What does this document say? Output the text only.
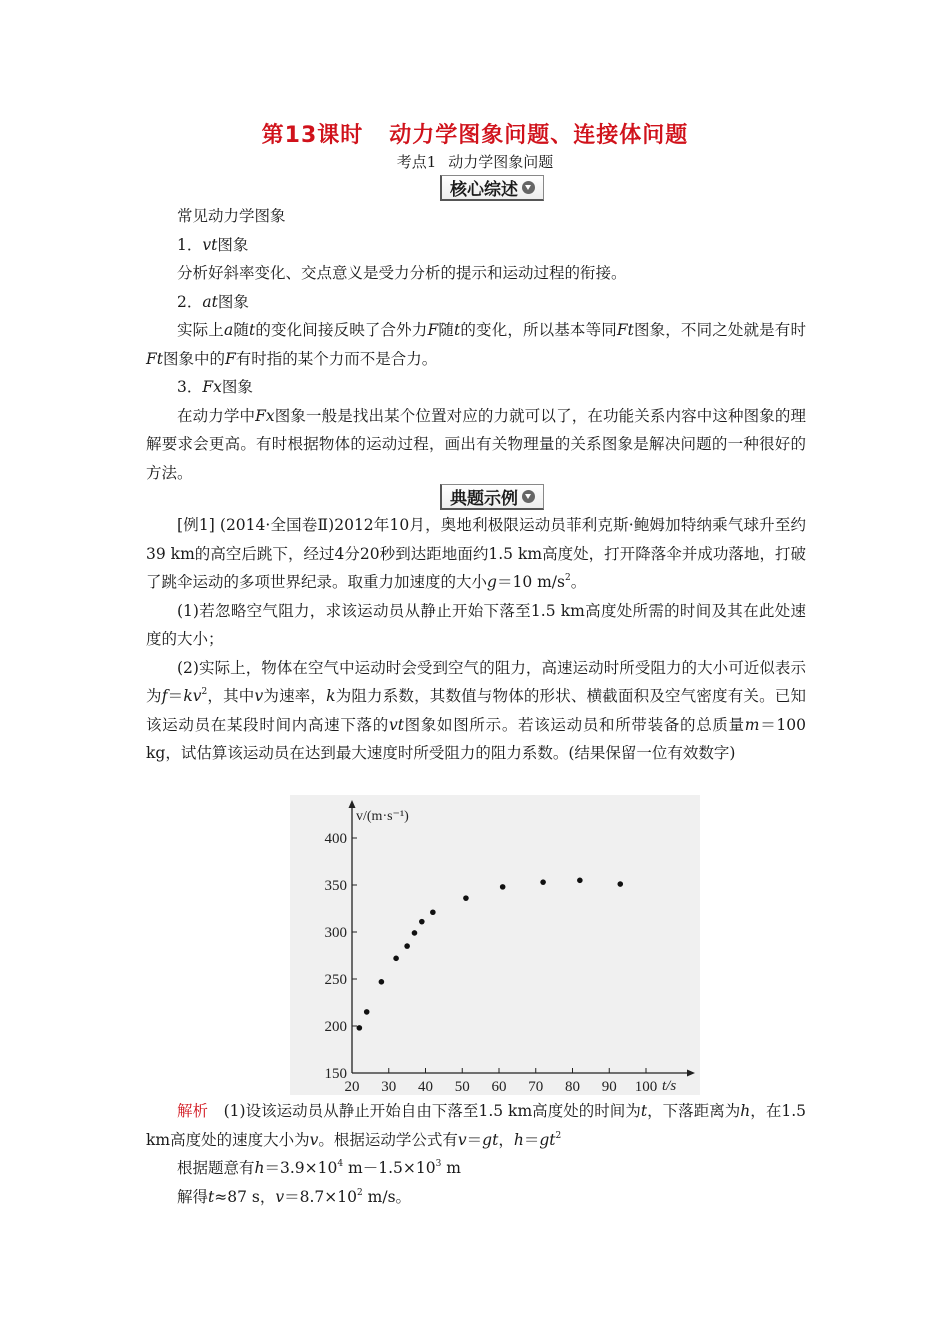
第13课时 动力学图象问题、连接体问题
考点1 动力学图象问题
核心综述
常见动力学图象
1．vt图象
分析好斜率变化、交点意义是受力分析的提示和运动过程的衔接。
2．at图象
实际上a随t的变化间接反映了合外力F随t的变化，所以基本等同Ft图象，不同之处就是有时Ft图象中的F有时指的某个力而不是合力。
3．Fx图象
在动力学中Fx图象一般是找出某个位置对应的力就可以了，在功能关系内容中这种图象的理解要求会更高。有时根据物体的运动过程，画出有关物理量的关系图象是解决问题的一种很好的方法。
典题示例
[例1] (2014·全国卷Ⅱ)2012年10月，奥地利极限运动员菲利克斯·鲍姆加特纳乘气球升至约39 km的高空后跳下，经过4分20秒到达距地面约1.5 km高度处，打开降落伞并成功落地，打破了跳伞运动的多项世界纪录。取重力加速度的大小g＝10 $m/s^2$。
(1)若忽略空气阻力，求该运动员从静止开始下落至1.5 km高度处所需的时间及其在此处速度的大小；
(2)实际上，物体在空气中运动时会受到空气的阻力，高速运动时所受阻力的大小可近似表示为$f=kv^2$，其中v为速率，k为阻力系数，其数值与物体的形状、横截面积及空气密度有关。已知该运动员在某段时间内高速下落的vt图象如图所示。若该运动员和所带装备的总质量m＝100 kg，试估算该运动员在达到最大速度时所受阻力的阻力系数。(结果保留一位有效数字)
20 30 40 50 60 70 80 90 100
150
200
250
300
350
400
t/s
v/(m·s⁻¹)
解析　(1)设该运动员从静止开始自由下落至1.5 km高度处的时间为t，下落距离为h，在1.5 km高度处的速度大小为v。根据运动学公式有v＝gt，$h=gt^2$
根据题意有$h=3.9\times 10^4$ $m-1.5\times 10^3$ m
解得t≈87 s，$v=8.7\times 10^2$ m/s。
